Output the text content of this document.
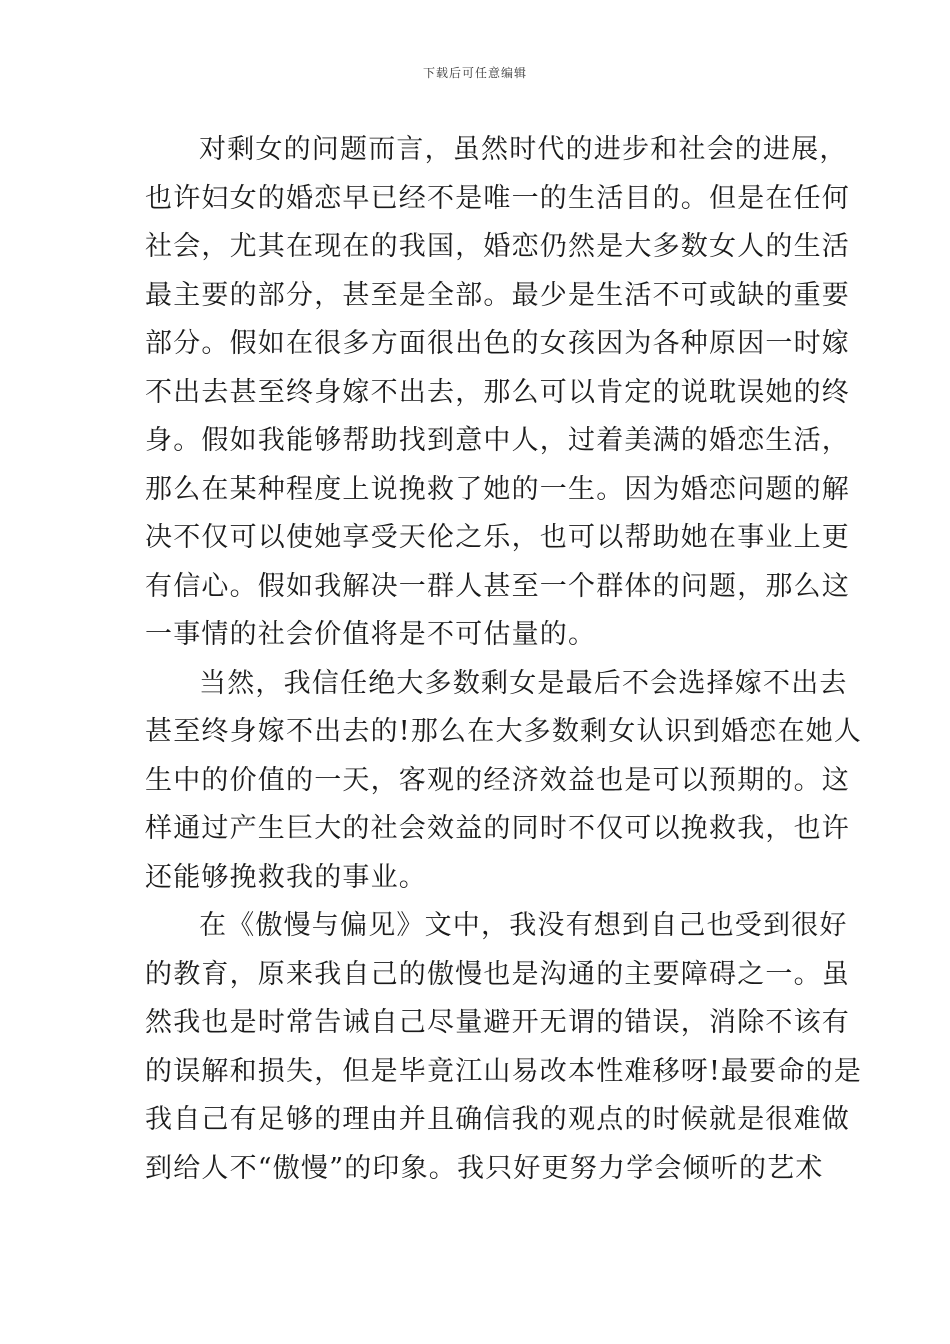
下载后可任意编辑
对剩女的问题而言，虽然时代的进步和社会的进展，
也许妇女的婚恋早已经不是唯一的生活目的。但是在任何
社会，尤其在现在的我国，婚恋仍然是大多数女人的生活
最主要的部分，甚至是全部。最少是生活不可或缺的重要
部分。假如在很多方面很出色的女孩因为各种原因一时嫁
不出去甚至终身嫁不出去，那么可以肯定的说耽误她的终
身。假如我能够帮助找到意中人，过着美满的婚恋生活，
那么在某种程度上说挽救了她的一生。因为婚恋问题的解
决不仅可以使她享受天伦之乐，也可以帮助她在事业上更
有信心。假如我解决一群人甚至一个群体的问题，那么这
一事情的社会价值将是不可估量的。
当然，我信任绝大多数剩女是最后不会选择嫁不出去
甚至终身嫁不出去的!那么在大多数剩女认识到婚恋在她人
生中的价值的一天，客观的经济效益也是可以预期的。这
样通过产生巨大的社会效益的同时不仅可以挽救我，也许
还能够挽救我的事业。
在《傲慢与偏见》文中，我没有想到自己也受到很好
的教育，原来我自己的傲慢也是沟通的主要障碍之一。虽
然我也是时常告诫自己尽量避开无谓的错误，消除不该有
的误解和损失，但是毕竟江山易改本性难移呀!最要命的是
我自己有足够的理由并且确信我的观点的时候就是很难做
到给人不“傲慢”的印象。我只好更努力学会倾听的艺术
